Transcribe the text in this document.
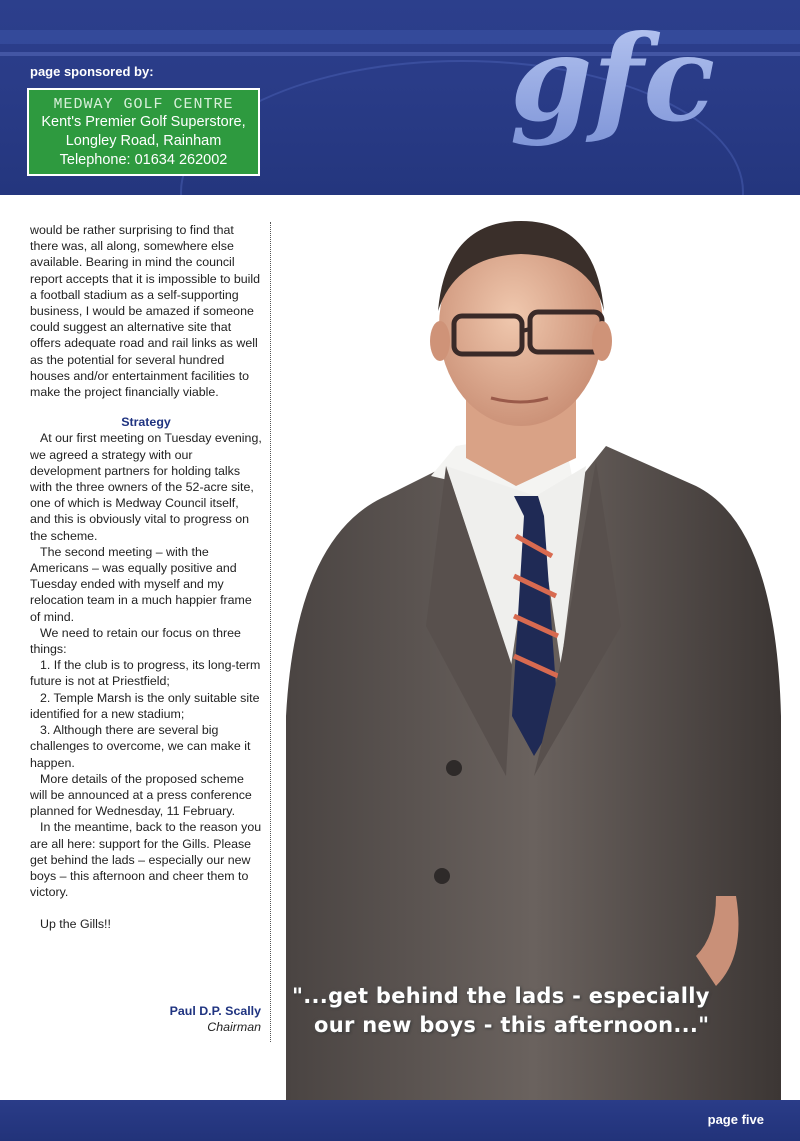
page sponsored by:
MEDWAY GOLF CENTRE
Kent's Premier Golf Superstore,
Longley Road, Rainham
Telephone: 01634 262002
gfc

would be rather surprising to find that there was, all along, somewhere else available. Bearing in mind the council report accepts that it is impossible to build a football stadium as a self-supporting business, I would be amazed if someone could suggest an alternative site that offers adequate road and rail links as well as the potential for several hundred houses and/or entertainment facilities to make the project financially viable.

Strategy

At our first meeting on Tuesday evening, we agreed a strategy with our development partners for holding talks with the three owners of the 52-acre site, one of which is Medway Council itself, and this is obviously vital to progress on the scheme.

The second meeting – with the Americans – was equally positive and Tuesday ended with myself and my relocation team in a much happier frame of mind.

We need to retain our focus on three things:

1. If the club is to progress, its long-term future is not at Priestfield;

2. Temple Marsh is the only suitable site identified for a new stadium;

3. Although there are several big challenges to overcome, we can make it happen.

More details of the proposed scheme will be announced at a press conference planned for Wednesday, 11 February.

In the meantime, back to the reason you are all here: support for the Gills. Please get behind the lads – especially our new boys – this afternoon and cheer them to victory.

Up the Gills!!

Paul D.P. Scally
Chairman
"...get behind the lads - especially
our new boys - this afternoon..."
page five
